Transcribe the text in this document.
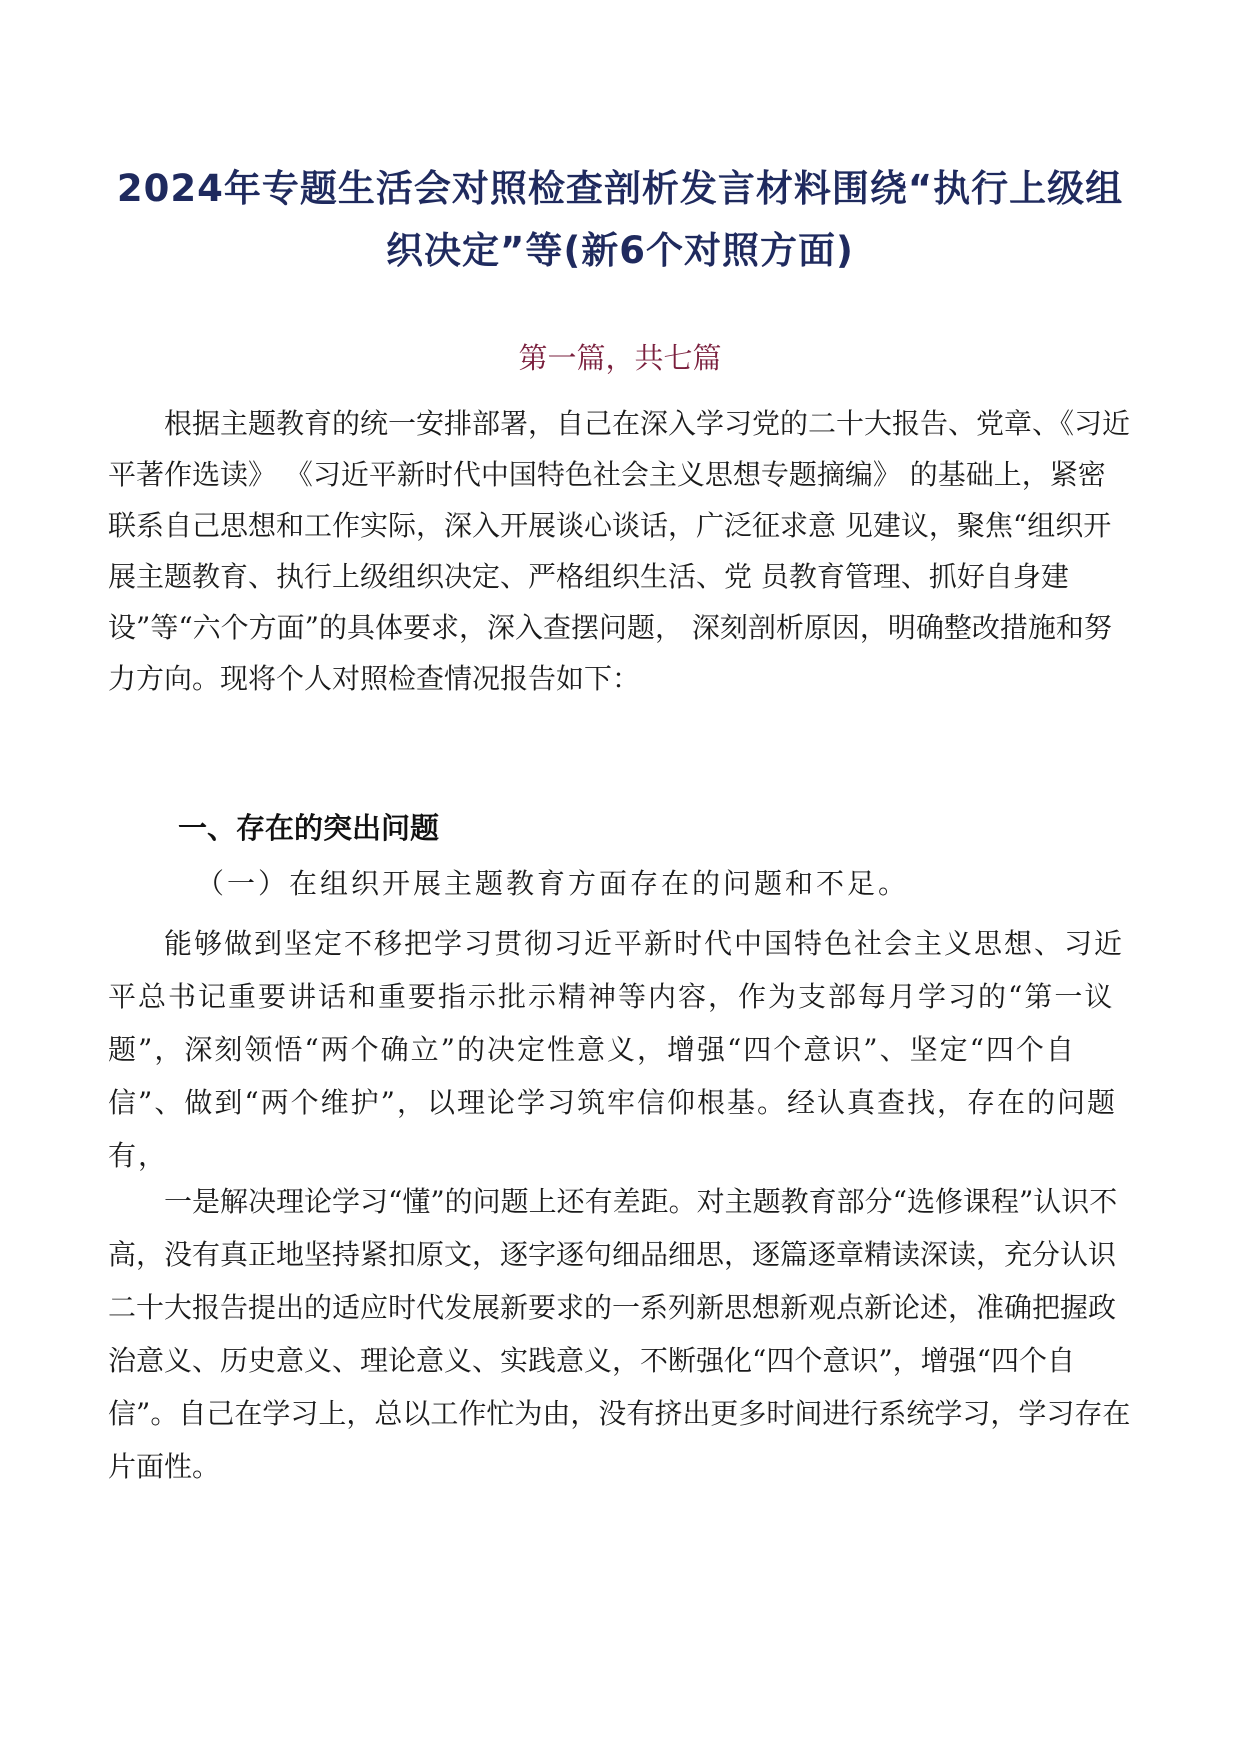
2024年专题生活会对照检查剖析发言材料围绕“执行上级组织决定”等(新6个对照方面)
第一篇，共七篇

根据主题教育的统一安排部署，自己在深入学习党的二十大报告、党章、《习近平著作选读》 《习近平新时代中国特色社会主义思想专题摘编》 的基础上，紧密联系自己思想和工作实际，深入开展谈心谈话，广泛征求意 见建议，聚焦“组织开展主题教育、执行上级组织决定、严格组织生活、党 员教育管理、抓好自身建设”等“六个方面”的具体要求，深入查摆问题， 深刻剖析原因，明确整改措施和努力方向。现将个人对照检查情况报告如下：

一、存在的突出问题
（一）在组织开展主题教育方面存在的问题和不足。

能够做到坚定不移把学习贯彻习近平新时代中国特色社会主义思想、习近平总书记重要讲话和重要指示批示精神等内容，作为支部每月学习的“第一议题”，深刻领悟“两个确立”的决定性意义，增强“四个意识”、坚定“四个自信”、做到“两个维护”，以理论学习筑牢信仰根基。经认真查找，存在的问题有，

一是解决理论学习“懂”的问题上还有差距。对主题教育部分“选修课程”认识不高，没有真正地坚持紧扣原文，逐字逐句细品细思，逐篇逐章精读深读，充分认识二十大报告提出的适应时代发展新要求的一系列新思想新观点新论述，准确把握政治意义、历史意义、理论意义、实践意义，不断强化“四个意识”，增强“四个自信”。自己在学习上，总以工作忙为由，没有挤出更多时间进行系统学习，学习存在片面性。
